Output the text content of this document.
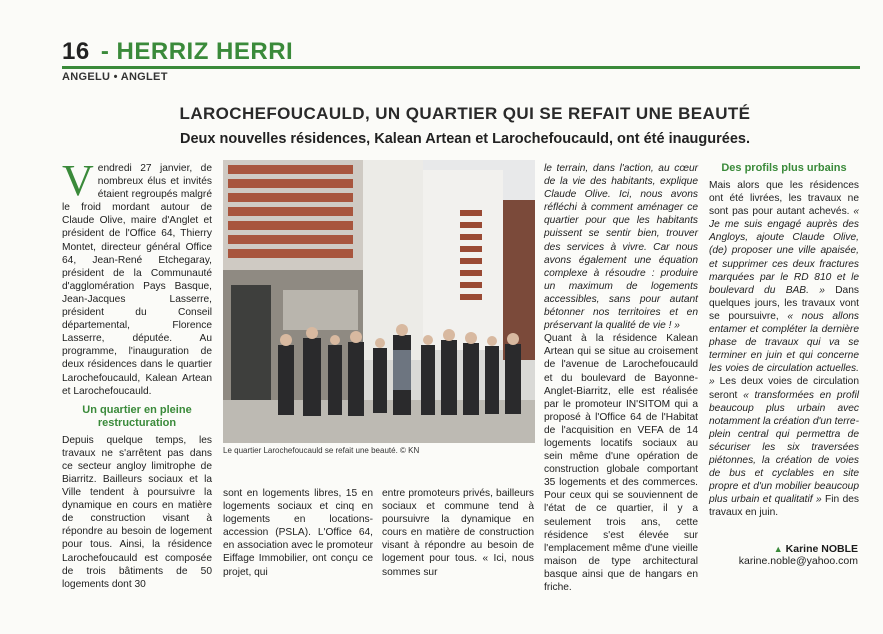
16 - HERRIZ HERRI
ANGELU • ANGLET
LAROCHEFOUCAULD, UN QUARTIER QUI SE REFAIT UNE BEAUTÉ
Deux nouvelles résidences, Kalean Artean et Larochefoucauld, ont été inaugurées.

Vendredi 27 janvier, de nombreux élus et invités étaient regroupés malgré le froid mordant autour de Claude Olive, maire d'Anglet et président de l'Office 64, Thierry Montet, directeur général Office 64, Jean-René Etchegaray, président de la Communauté d'agglomération Pays Basque, Jean-Jacques Lasserre, président du Conseil départemental, Florence Lasserre, députée. Au programme, l'inauguration de deux résidences dans le quartier Larochefoucauld, Kalean Artean et Larochefoucauld.

Un quartier en pleine restructuration

Depuis quelque temps, les travaux ne s'arrêtent pas dans ce secteur angloy limitrophe de Biarritz. Bailleurs sociaux et la Ville tendent à poursuivre la dynamique en cours en matière de construction visant à répondre au besoin de logement pour tous. Ainsi, la résidence Larochefoucauld est composée de trois bâtiments de 50 logements dont 30

Le quartier Larochefoucauld se refait une beauté. © KN

sont en logements libres, 15 en logements sociaux et cinq en logements en locations-accession (PSLA). L'Office 64, en association avec le promoteur Eiffage Immobilier, ont conçu ce projet, qui

entre promoteurs privés, bailleurs sociaux et commune tend à poursuivre la dynamique en cours en matière de construction visant à répondre au besoin de logement pour tous. « Ici, nous sommes sur

le terrain, dans l'action, au cœur de la vie des habitants, explique Claude Olive. Ici, nous avons réfléchi à comment aménager ce quartier pour que les habitants puissent se sentir bien, trouver des services à vivre. Car nous avons également une équation complexe à résoudre : produire un maximum de logements accessibles, sans pour autant bétonner nos territoires et en préservant la qualité de vie ! »

Quant à la résidence Kalean Artean qui se situe au croisement de l'avenue de Larochefoucauld et du boulevard de Bayonne-Anglet-Biarritz, elle est réalisée par le promoteur IN'SITOM qui a proposé à l'Office 64 de l'Habitat de l'acquisition en VEFA de 14 logements locatifs sociaux au sein même d'une opération de construction globale comportant 35 logements et des commerces. Pour ceux qui se souviennent de l'état de ce quartier, il y a seulement trois ans, cette résidence s'est élevée sur l'emplacement même d'une vieille maison de type architectural basque ainsi que de hangars en friche.

Des profils plus urbains

Mais alors que les résidences ont été livrées, les travaux ne sont pas pour autant achevés. « Je me suis engagé auprès des Angloys, ajoute Claude Olive, (de) proposer une ville apaisée, et supprimer ces deux fractures marquées par le RD 810 et le boulevard du BAB. » Dans quelques jours, les travaux vont se poursuivre, « nous allons entamer et compléter la dernière phase de travaux qui va se terminer en juin et qui concerne les voies de circulation actuelles. » Les deux voies de circulation seront « transformées en profil beaucoup plus urbain avec notamment la création d'un terre-plein central qui permettra de sécuriser les six traversées piétonnes, la création de voies de bus et cyclables en site propre et d'un mobilier beaucoup plus urbain et qualitatif » Fin des travaux en juin.

▲ Karine NOBLE
karine.noble@yahoo.com
